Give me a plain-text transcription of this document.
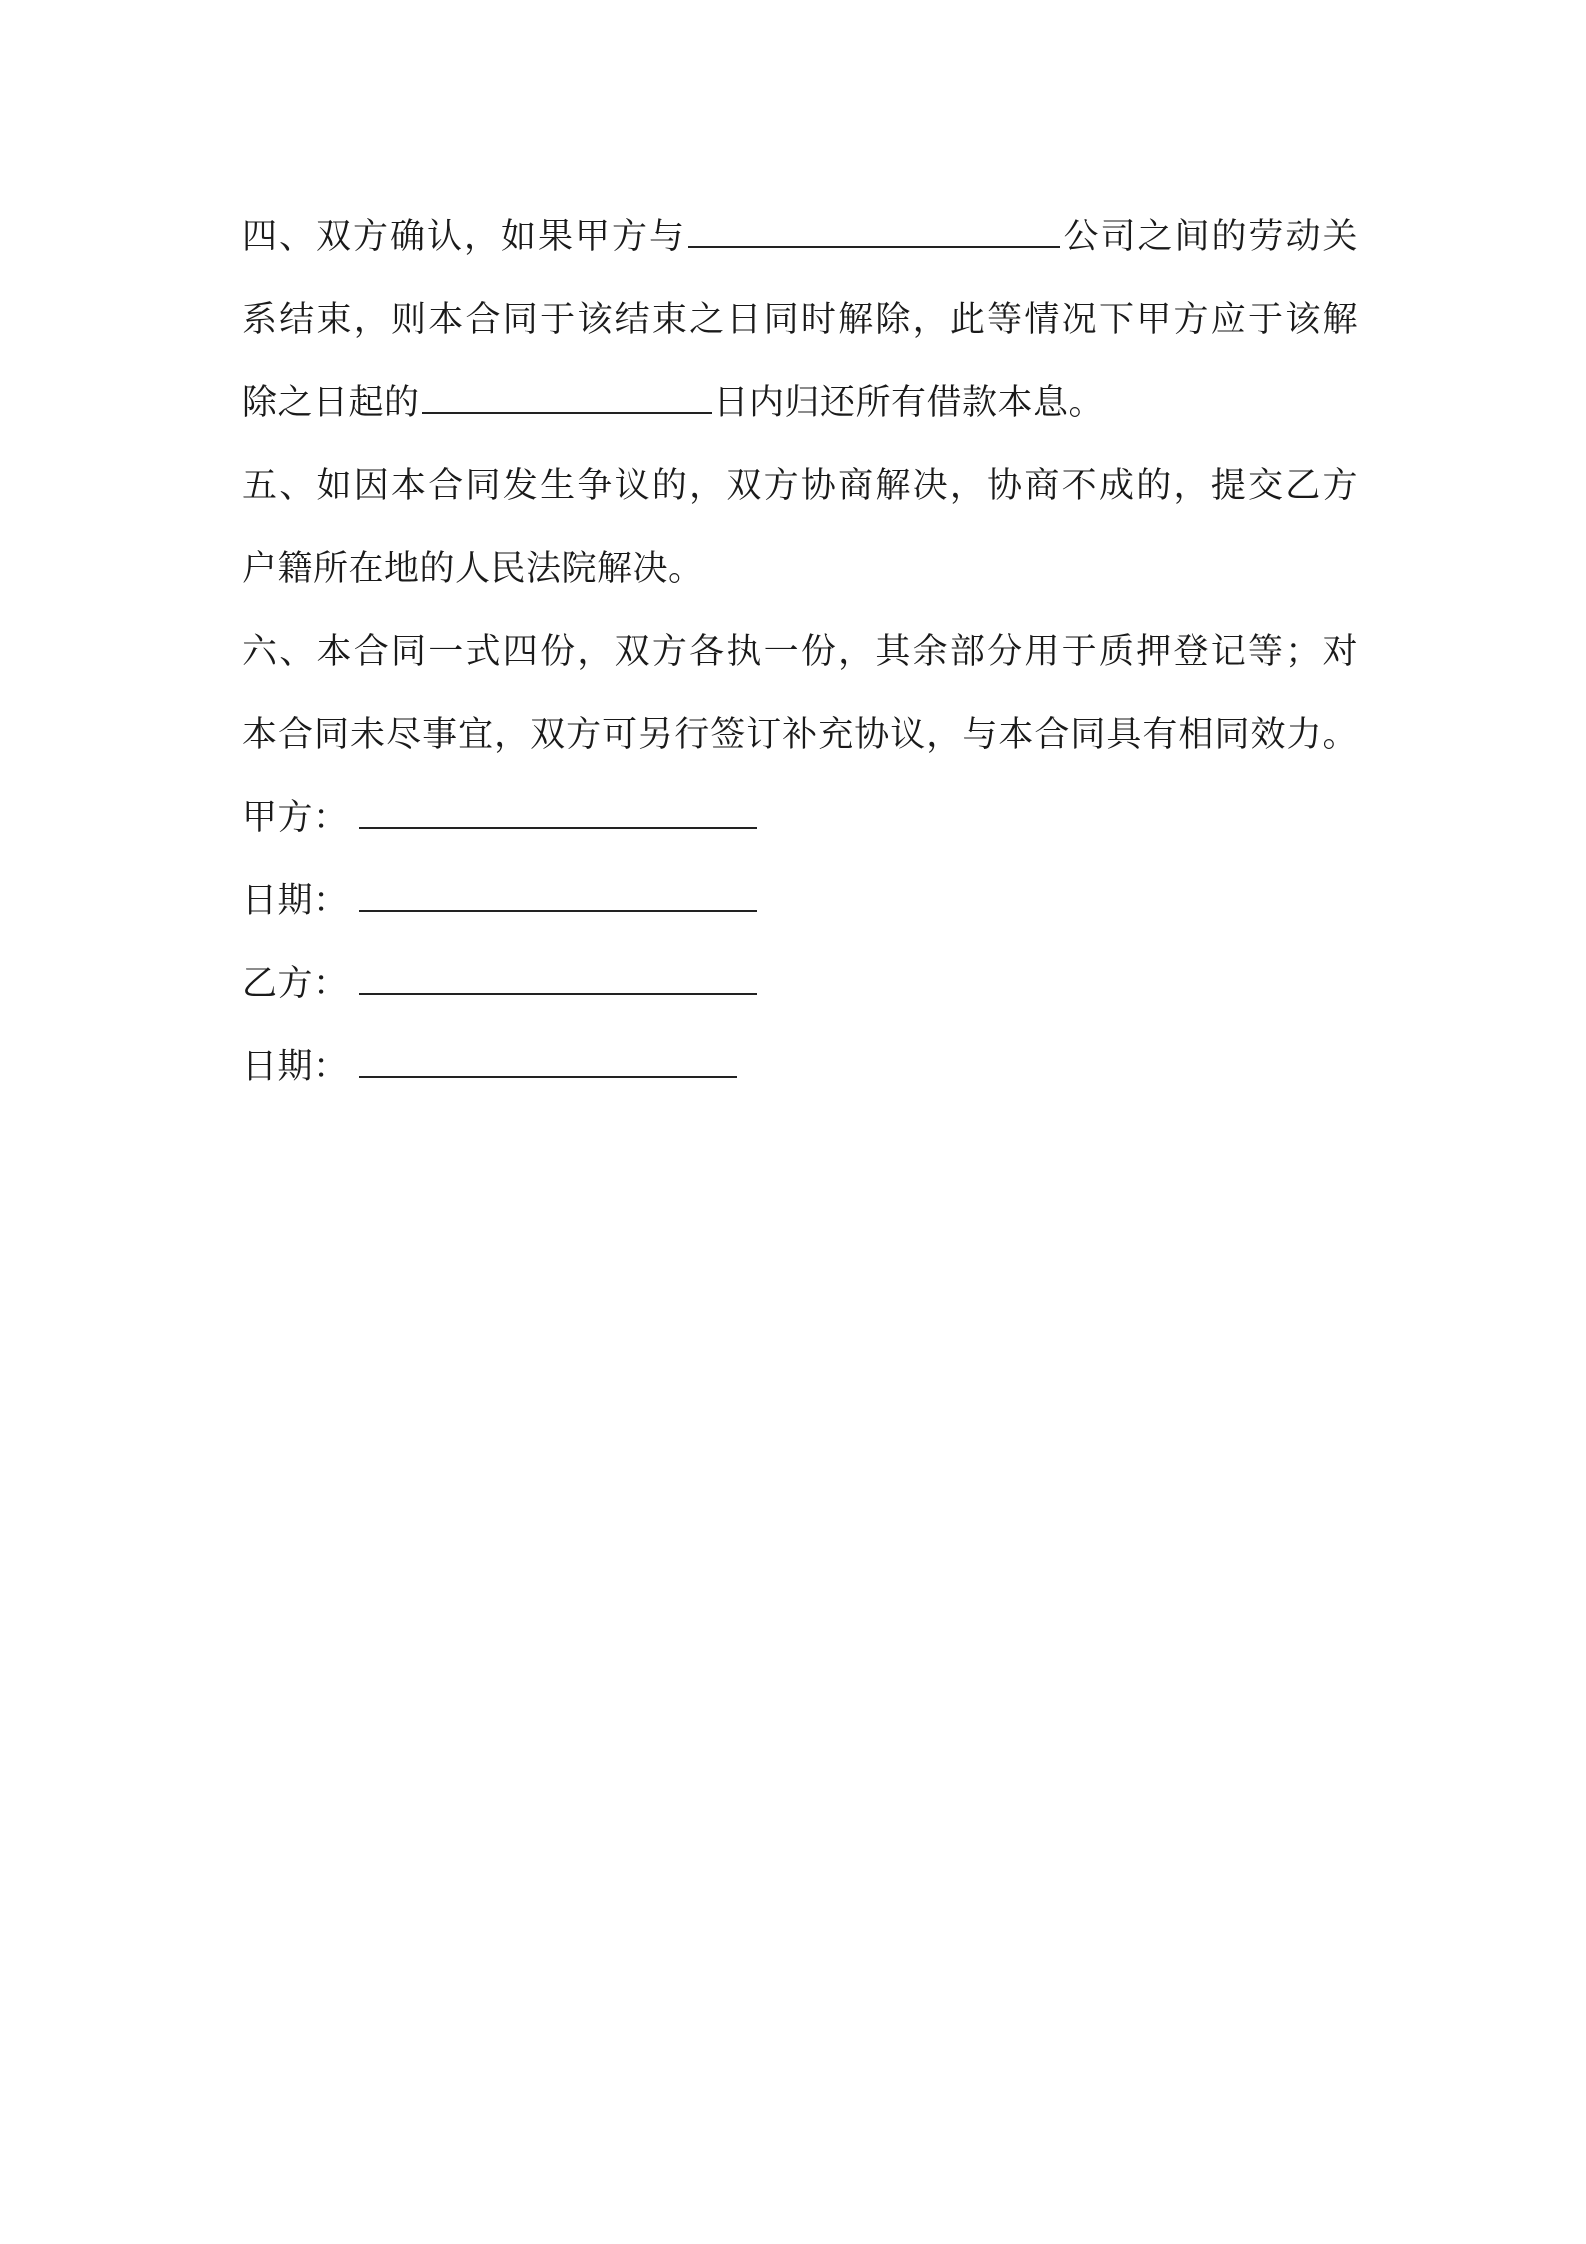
四、双方确认，如果甲方与	公司之间的劳动关
系结束，则本合同于该结束之日同时解除，此等情况下甲方应于该解
除之日起的	日内归还所有借款本息。
五、如因本合同发生争议的，双方协商解决，协商不成的，提交乙方
户籍所在地的人民法院解决。
六、本合同一式四份，双方各执一份，其余部分用于质押登记等；对
本合同未尽事宜，双方可另行签订补充协议，与本合同具有相同效力。
甲方：
日期：
乙方：
日期：
